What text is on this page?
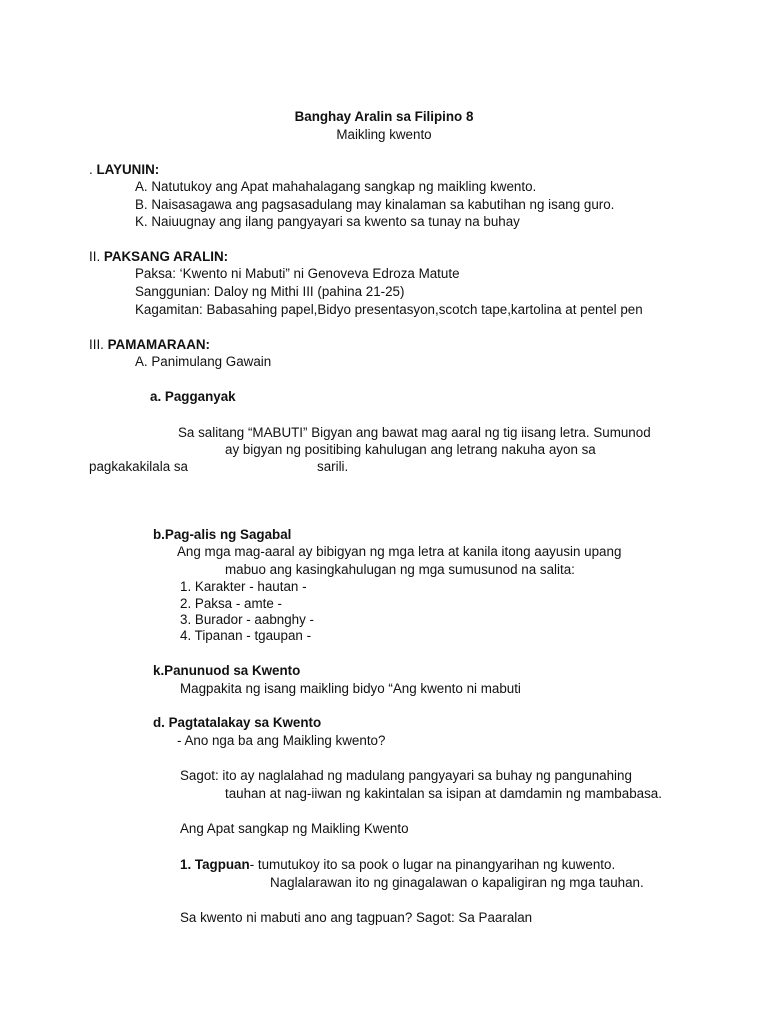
Banghay Aralin sa Filipino 8
Maikling kwento
. LAYUNIN:
A. Natutukoy ang Apat mahahalagang sangkap ng maikling kwento.
B. Naisasagawa ang pagsasadulang may kinalaman sa kabutihan ng isang guro.
K. Naiuugnay ang ilang pangyayari sa kwento sa tunay na buhay
II. PAKSANG ARALIN:
Paksa: ‘Kwento ni Mabuti” ni Genoveva Edroza Matute
Sanggunian: Daloy ng Mithi III (pahina 21-25)
Kagamitan: Babasahing papel,Bidyo presentasyon,scotch tape,kartolina at pentel pen
III. PAMAMARAAN:
A. Panimulang Gawain
a. Pagganyak
Sa salitang “MABUTI” Bigyan ang bawat mag aaral ng tig iisang letra. Sumunod
ay bigyan ng positibing kahulugan ang letrang nakuha ayon sa
pagkakakilala sa	sarili.
b.Pag-alis ng Sagabal
Ang mga mag-aaral ay bibigyan ng mga letra at kanila itong aayusin upang
mabuo ang kasingkahulugan ng mga sumusunod na salita:
1. Karakter - hautan -
2. Paksa - amte -
3. Burador - aabnghy -
4. Tipanan - tgaupan -
k.Panunuod sa Kwento
Magpakita ng isang maikling bidyo “Ang kwento ni mabuti
d. Pagtatalakay sa Kwento
- Ano nga ba ang Maikling kwento?
Sagot: ito ay naglalahad ng madulang pangyayari sa buhay ng pangunahing
tauhan at nag-iiwan ng kakintalan sa isipan at damdamin ng mambabasa.
Ang Apat sangkap ng Maikling Kwento
1. Tagpuan- tumutukoy ito sa pook o lugar na pinangyarihan ng kuwento.
Naglalarawan ito ng ginagalawan o kapaligiran ng mga tauhan.
Sa kwento ni mabuti ano ang tagpuan? Sagot: Sa Paaralan
